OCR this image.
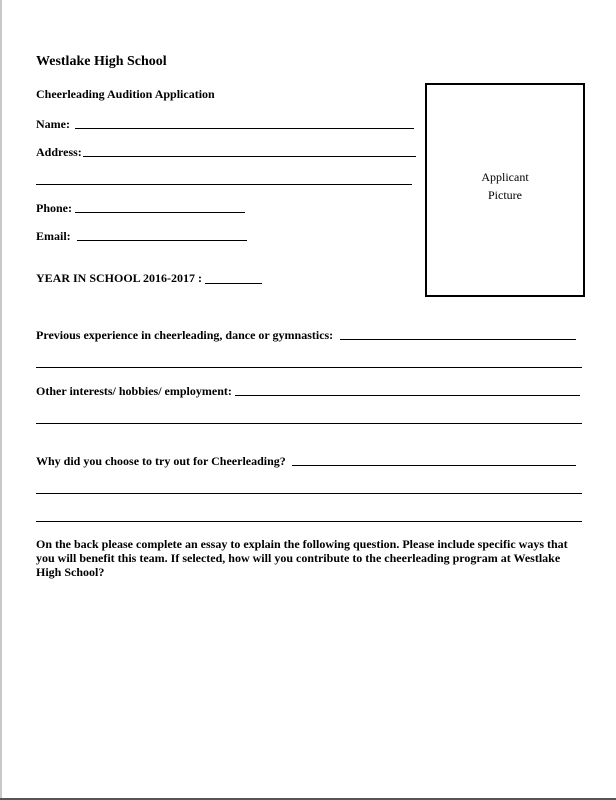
Westlake High School
Cheerleading Audition Application
Name:
Address:
Phone:
Email:
YEAR IN SCHOOL 2016-2017 :
Applicant
Picture
Previous experience in cheerleading, dance or gymnastics:
Other interests/ hobbies/ employment:
Why did you choose to try out for Cheerleading?
On the back please complete an essay to explain the following question. Please include specific ways that you will benefit this team. If selected, how will you contribute to the cheerleading program at Westlake High School?
